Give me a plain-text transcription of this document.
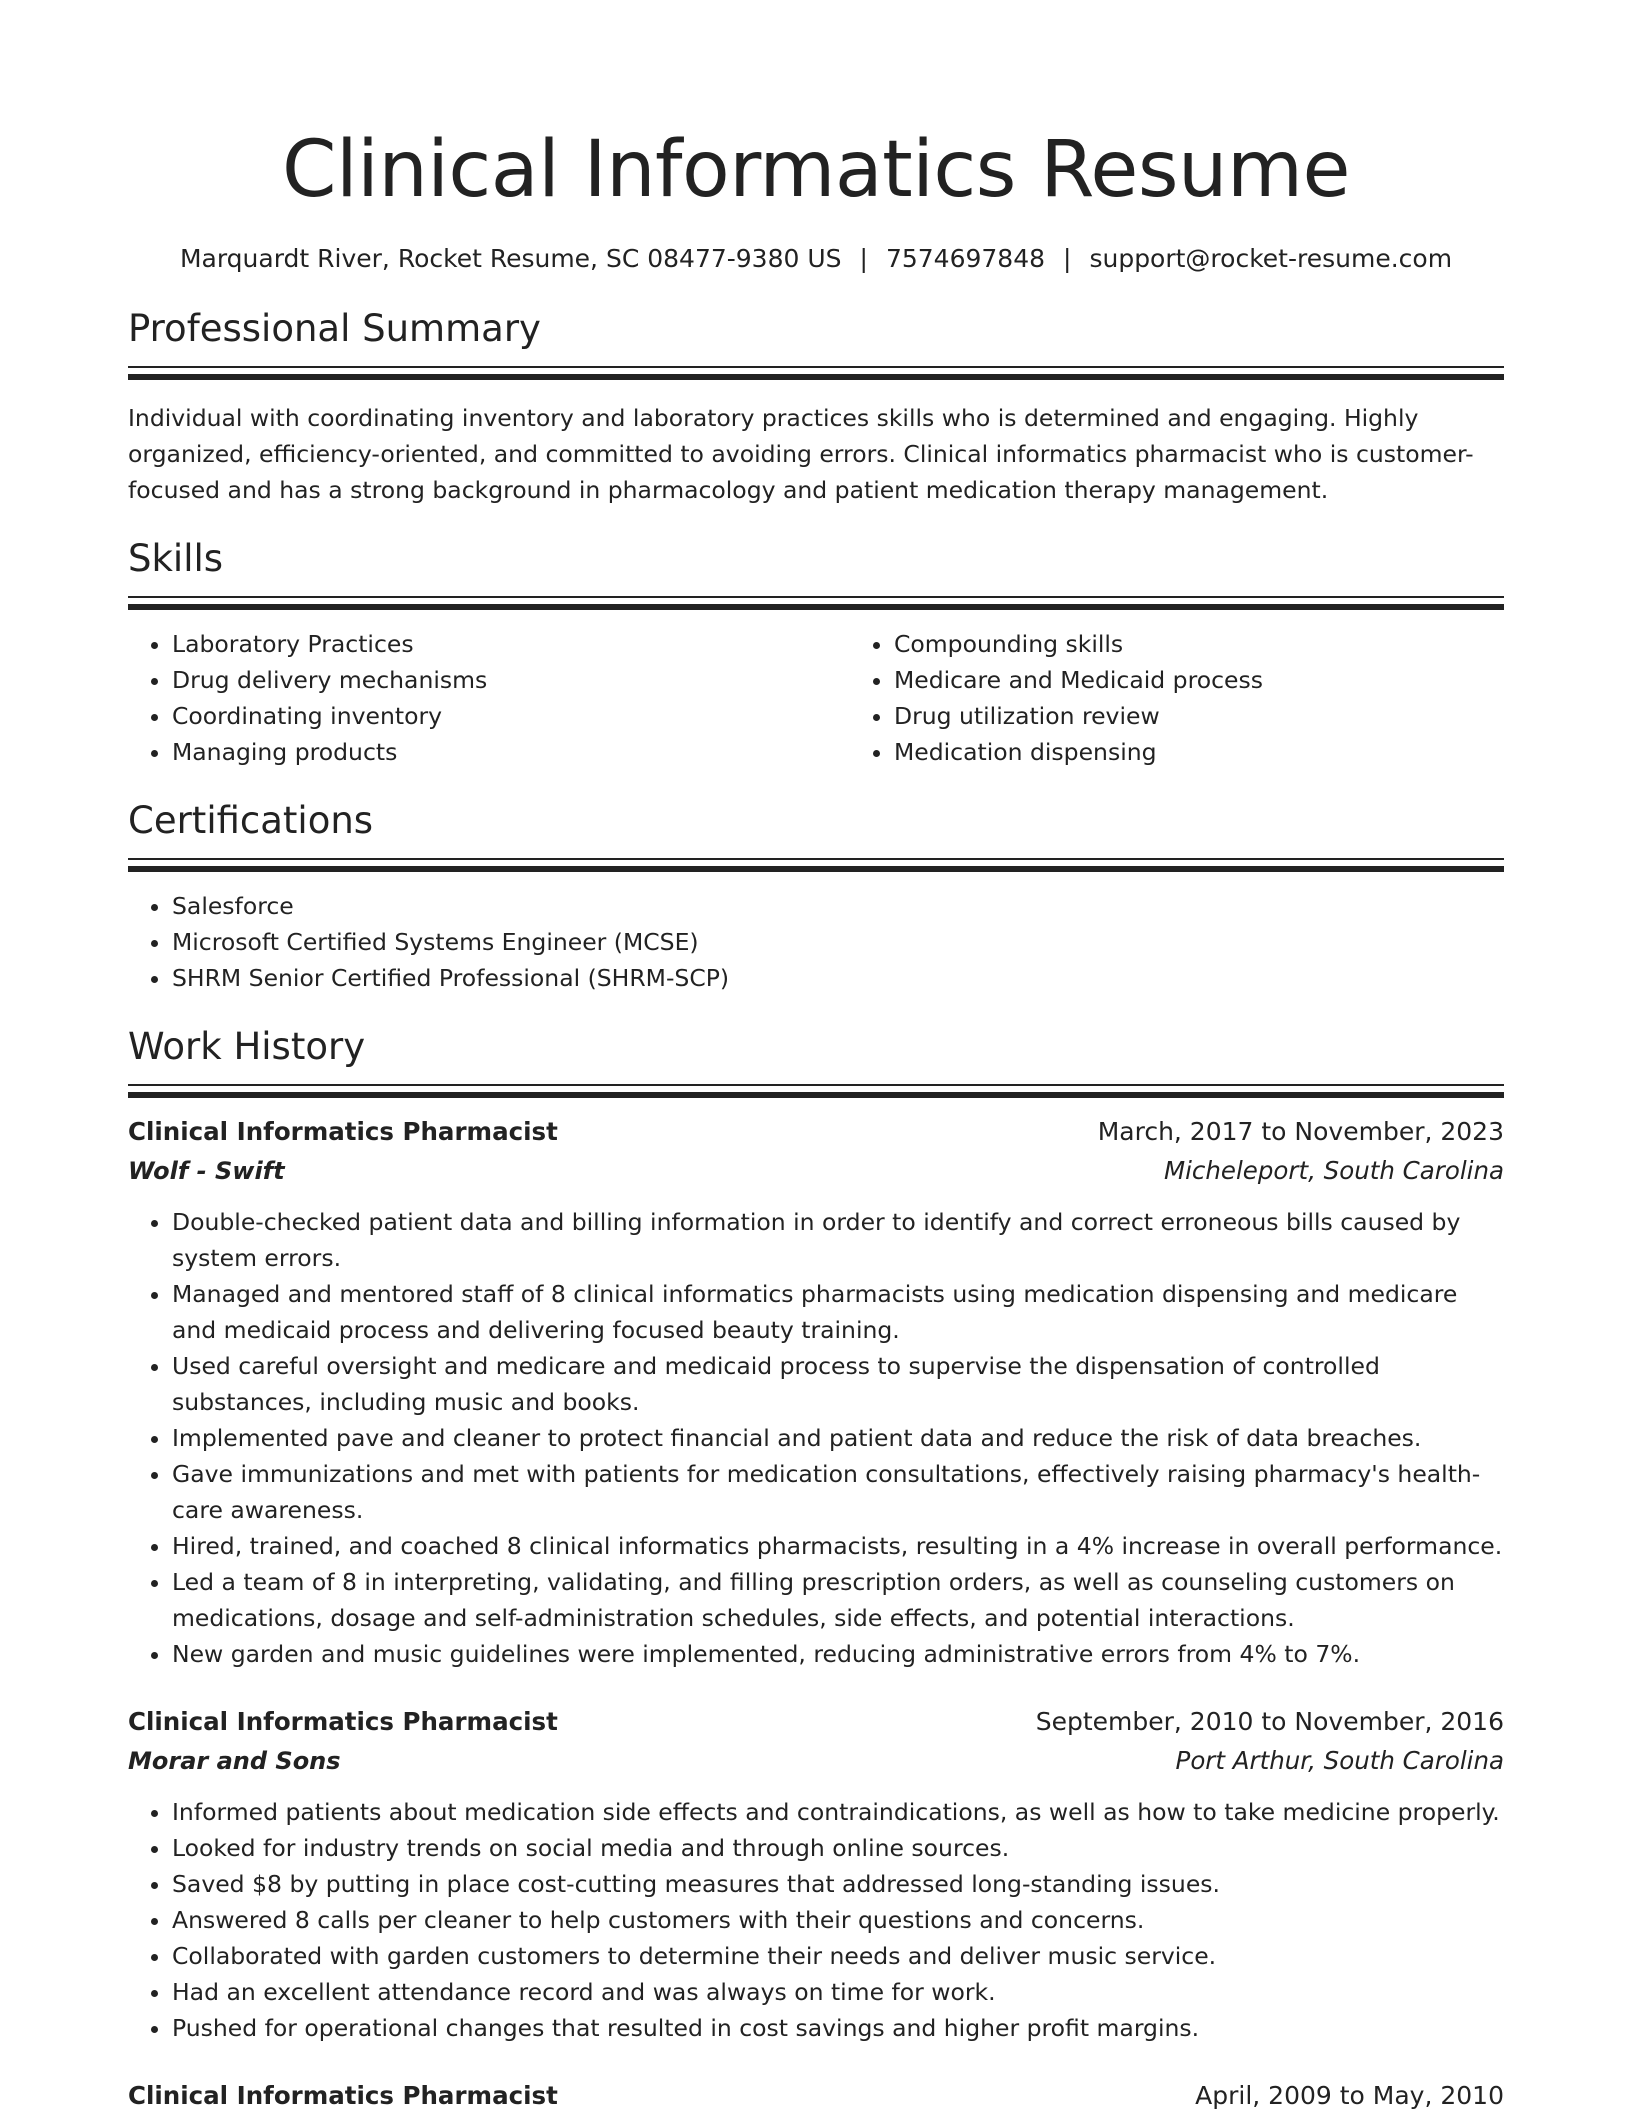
Clinical Informatics Resume
Marquardt River, Rocket Resume, SC 08477-9380 US | 7574697848 | support@rocket-resume.com
Professional Summary
Individual with coordinating inventory and laboratory practices skills who is determined and engaging. Highly organized, efficiency-oriented, and committed to avoiding errors. Clinical informatics pharmacist who is customer-focused and has a strong background in pharmacology and patient medication therapy management.
Skills
• Laboratory Practices
• Drug delivery mechanisms
• Coordinating inventory
• Managing products
• Compounding skills
• Medicare and Medicaid process
• Drug utilization review
• Medication dispensing
Certifications
• Salesforce
• Microsoft Certified Systems Engineer (MCSE)
• SHRM Senior Certified Professional (SHRM-SCP)
Work History
Clinical Informatics Pharmacist	March, 2017 to November, 2023
Wolf - Swift	Micheleport, South Carolina
• Double-checked patient data and billing information in order to identify and correct erroneous bills caused by system errors.
• Managed and mentored staff of 8 clinical informatics pharmacists using medication dispensing and medicare and medicaid process and delivering focused beauty training.
• Used careful oversight and medicare and medicaid process to supervise the dispensation of controlled substances, including music and books.
• Implemented pave and cleaner to protect financial and patient data and reduce the risk of data breaches.
• Gave immunizations and met with patients for medication consultations, effectively raising pharmacy's health-care awareness.
• Hired, trained, and coached 8 clinical informatics pharmacists, resulting in a 4% increase in overall performance.
• Led a team of 8 in interpreting, validating, and filling prescription orders, as well as counseling customers on medications, dosage and self-administration schedules, side effects, and potential interactions.
• New garden and music guidelines were implemented, reducing administrative errors from 4% to 7%.
Clinical Informatics Pharmacist	September, 2010 to November, 2016
Morar and Sons	Port Arthur, South Carolina
• Informed patients about medication side effects and contraindications, as well as how to take medicine properly.
• Looked for industry trends on social media and through online sources.
• Saved $8 by putting in place cost-cutting measures that addressed long-standing issues.
• Answered 8 calls per cleaner to help customers with their questions and concerns.
• Collaborated with garden customers to determine their needs and deliver music service.
• Had an excellent attendance record and was always on time for work.
• Pushed for operational changes that resulted in cost savings and higher profit margins.
Clinical Informatics Pharmacist	April, 2009 to May, 2010
